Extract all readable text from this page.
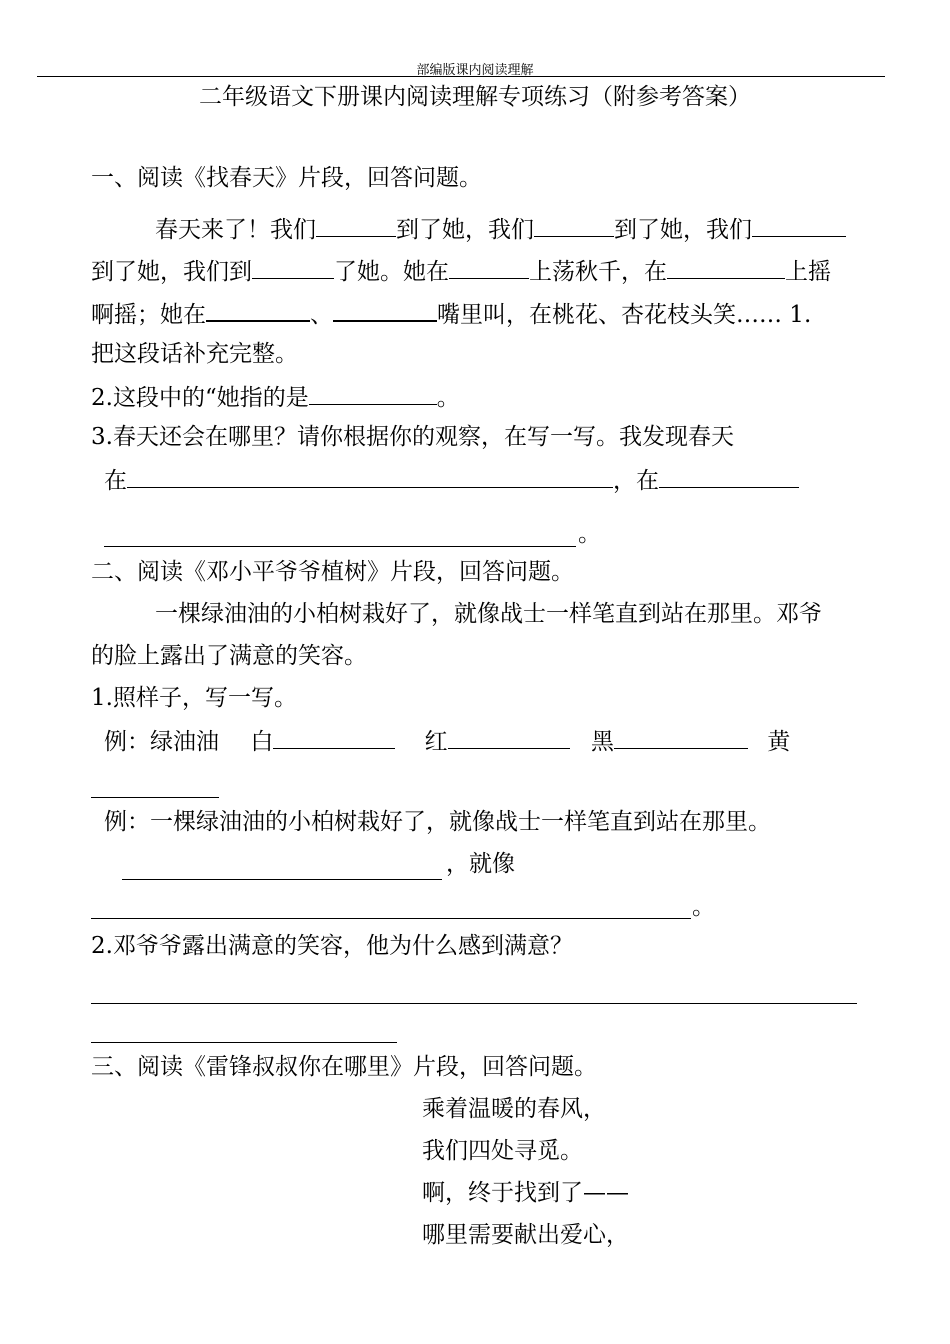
部编版课内阅读理解
二年级语文下册课内阅读理解专项练习（附参考答案）
一、阅读《找春天》片段，回答问题。
春天来了！我们	到了她，我们	到了她，我们
到了她，我们到	了她。她在	上荡秋千，在	上摇
啊摇；她在	、	嘴里叫，在桃花、杏花枝头笑…… 1.
把这段话补充完整。
2.这段中的“她指的是	。
3.春天还会在哪里？请你根据你的观察，在写一写。我发现春天
在	，在
。
二、阅读《邓小平爷爷植树》片段，回答问题。
一棵绿油油的小柏树栽好了，就像战士一样笔直到站在那里。邓爷
的脸上露出了满意的笑容。
1.照样子，写一写。
例：绿油油 白	红	黑	黄
例：一棵绿油油的小柏树栽好了，就像战士一样笔直到站在那里。
，就像
。
2.邓爷爷露出满意的笑容，他为什么感到满意？
三、阅读《雷锋叔叔你在哪里》片段，回答问题。
乘着温暖的春风，
我们四处寻觅。
啊，终于找到了——
哪里需要献出爱心，
